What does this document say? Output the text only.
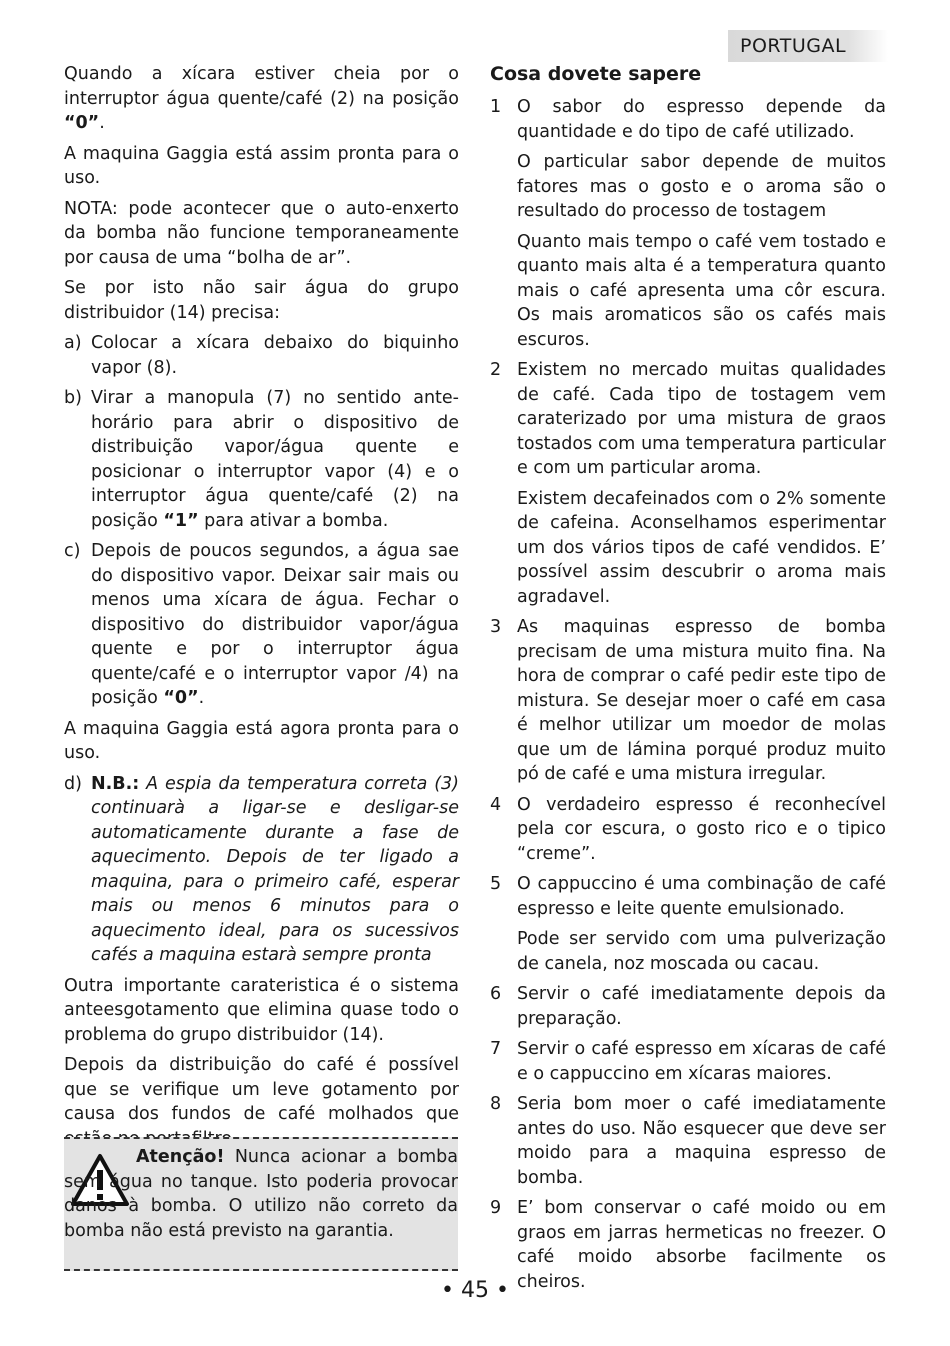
PORTUGAL

Quando a xícara estiver cheia por o interruptor água quente/café (2) na posição “0”.

A maquina Gaggia está assim pronta para o uso.

NOTA: pode acontecer que o auto-enxerto da bomba não funcione temporaneamente por causa de uma “bolha de ar”.

Se por isto não sair água do grupo distribuidor (14) precisa:

a) Colocar a xícara debaixo do biquinho vapor (8).
b) Virar a manopula (7) no sentido ante-horário para abrir o dispositivo de distribuição vapor/água quente e posicionar o interruptor vapor (4) e o interruptor água quente/café (2) na posição “1” para ativar a bomba.
c) Depois de poucos segundos, a água sae do dispositivo vapor. Deixar sair mais ou menos uma xícara de água. Fechar o dispositivo do distribuidor vapor/água quente e por o interruptor água quente/café e o interruptor vapor /4) na posição “0”.

A maquina Gaggia está agora pronta para o uso.

d) N.B.: A espia da temperatura correta (3) continuarà a ligar-se e desligar-se automaticamente durante a fase de aquecimento. Depois de ter ligado a maquina, para o primeiro café, esperar mais ou menos 6 minutos para o aquecimento ideal, para os sucessivos cafés a maquina estarà sempre pronta

Outra importante carateristica é o sistema anteesgotamento que elimina quase todo o problema do grupo distribuidor (14).

Depois da distribuição do café é possível que se verifique um leve gotamento por causa dos fundos de café molhados que

Atenção! Nunca acionar a bomba sem água no tanque. Isto poderia provocar danos à bomba. O utilizo não correto da bomba não está previsto na garantia.
Cosa dovete sapere
1 O sabor do espresso depende da quantidade e do tipo de café utilizado.

O particular sabor depende de muitos fatores mas o gosto e o aroma são o resultado do processo de tostagem

Quanto mais tempo o café vem tostado e quanto mais alta é a temperatura quanto mais o café apresenta uma côr escura. Os mais aromaticos são os cafés mais escuros.

2 Existem no mercado muitas qualidades de café. Cada tipo de tostagem vem caraterizado por uma mistura de graos tostados com uma temperatura particular e com um particular aroma.

Existem decafeinados com o 2% somente de cafeina. Aconselhamos esperimentar um dos vários tipos de café vendidos. E’ possível assim descubrir o aroma mais agradavel.

3 As maquinas espresso de bomba precisam de uma mistura muito fina. Na hora de comprar o café pedir este tipo de mistura. Se desejar moer o café em casa é melhor utilizar um moedor de molas que um de lámina porqué produz muito pó de café e uma mistura irregular.
4 O verdadeiro espresso é reconhecível pela cor escura, o gosto rico e o tipico “creme”.
5 O cappuccino é uma combinação de café espresso e leite quente emulsionado.

Pode ser servido com uma pulverização de canela, noz moscada ou cacau.

6 Servir o café imediatamente depois da preparação.
7 Servir o café espresso em xícaras de café e o cappuccino em xícaras maiores.
8 Seria bom moer o café imediatamente antes do uso. Não esquecer que deve ser moido para a maquina espresso de bomba.
9 E’ bom conservar o café moido ou em graos em jarras hermeticas no freezer. O café moido absorbe facilmente os cheiros.
• 45 •
